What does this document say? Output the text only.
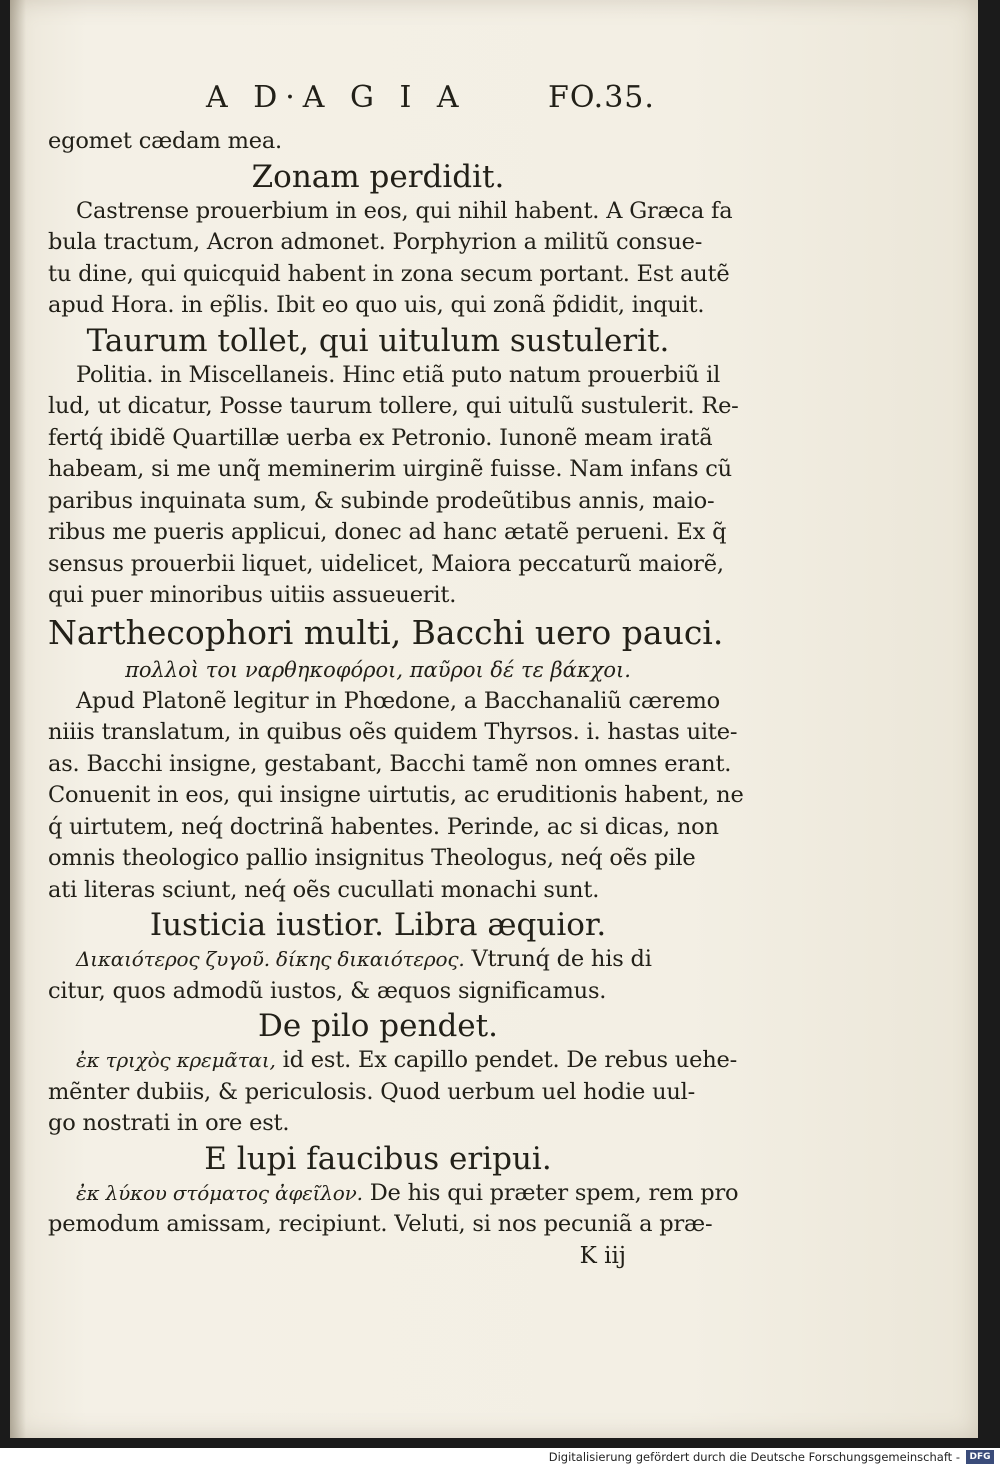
A D·A G I A	FO.35.
egomet cædam mea.
Zonam perdidit.
Castrense prouerbium in eos, qui nihil habent. A Græca fa
bula tractum, Acron admonet. Porphyrion a militũ consue-
tu dine, qui quicquid habent in zona secum portant. Est autẽ
apud Hora. in ep̃lis. Ibit eo quo uis, qui zonã p̃didit, inquit.
Taurum tollet, qui uitulum sustulerit.
Politia. in Miscellaneis. Hinc etiã puto natum prouerbiũ il
lud, ut dicatur, Posse taurum tollere, qui uitulũ sustulerit. Re-
fertq́ ibidẽ Quartillæ uerba ex Petronio. Iunonẽ meam iratã
habeam, si me unq̃ meminerim uirginẽ fuisse. Nam infans cũ
paribus inquinata sum, & subinde prodeũtibus annis, maio-
ribus me pueris applicui, donec ad hanc ætatẽ perueni. Ex q̃
sensus prouerbii liquet, uidelicet, Maiora peccaturũ maiorẽ,
qui puer minoribus uitiis assueuerit.
Narthecophori multi, Bacchi uero pauci.
πολλοὶ τοι ναρθηκοφόροι, παῦροι δέ τε βάκχοι.
Apud Platonẽ legitur in Phœdone, a Bacchanaliũ cæremo
niiis translatum, in quibus oẽs quidem Thyrsos. i. hastas uite-
as. Bacchi insigne, gestabant, Bacchi tamẽ non omnes erant.
Conuenit in eos, qui insigne uirtutis, ac eruditionis habent, ne
q́ uirtutem, neq́ doctrinã habentes. Perinde, ac si dicas, non
omnis theologico pallio insignitus Theologus, neq́ oẽs pile
ati literas sciunt, neq́ oẽs cucullati monachi sunt.
Iusticia iustior. Libra æquior.
Δικαιότερος ζυγοῦ. δίκης δικαιότερος. Vtrunq́ de his di
citur, quos admodũ iustos, & æquos significamus.
De pilo pendet.
ἐκ τριχὸς κρεμᾶται, id est. Ex capillo pendet. De rebus uehe-
mẽnter dubiis, & periculosis. Quod uerbum uel hodie uul-
go nostrati in ore est.
E lupi faucibus eripui.
ἐκ λύκου στόματος ἀφεῖλον. De his qui præter spem, rem pro
pemodum amissam, recipiunt. Veluti, si nos pecuniã a præ-
K iij
Digitalisierung gefördert durch die Deutsche Forschungsgemeinschaft -	DFG
